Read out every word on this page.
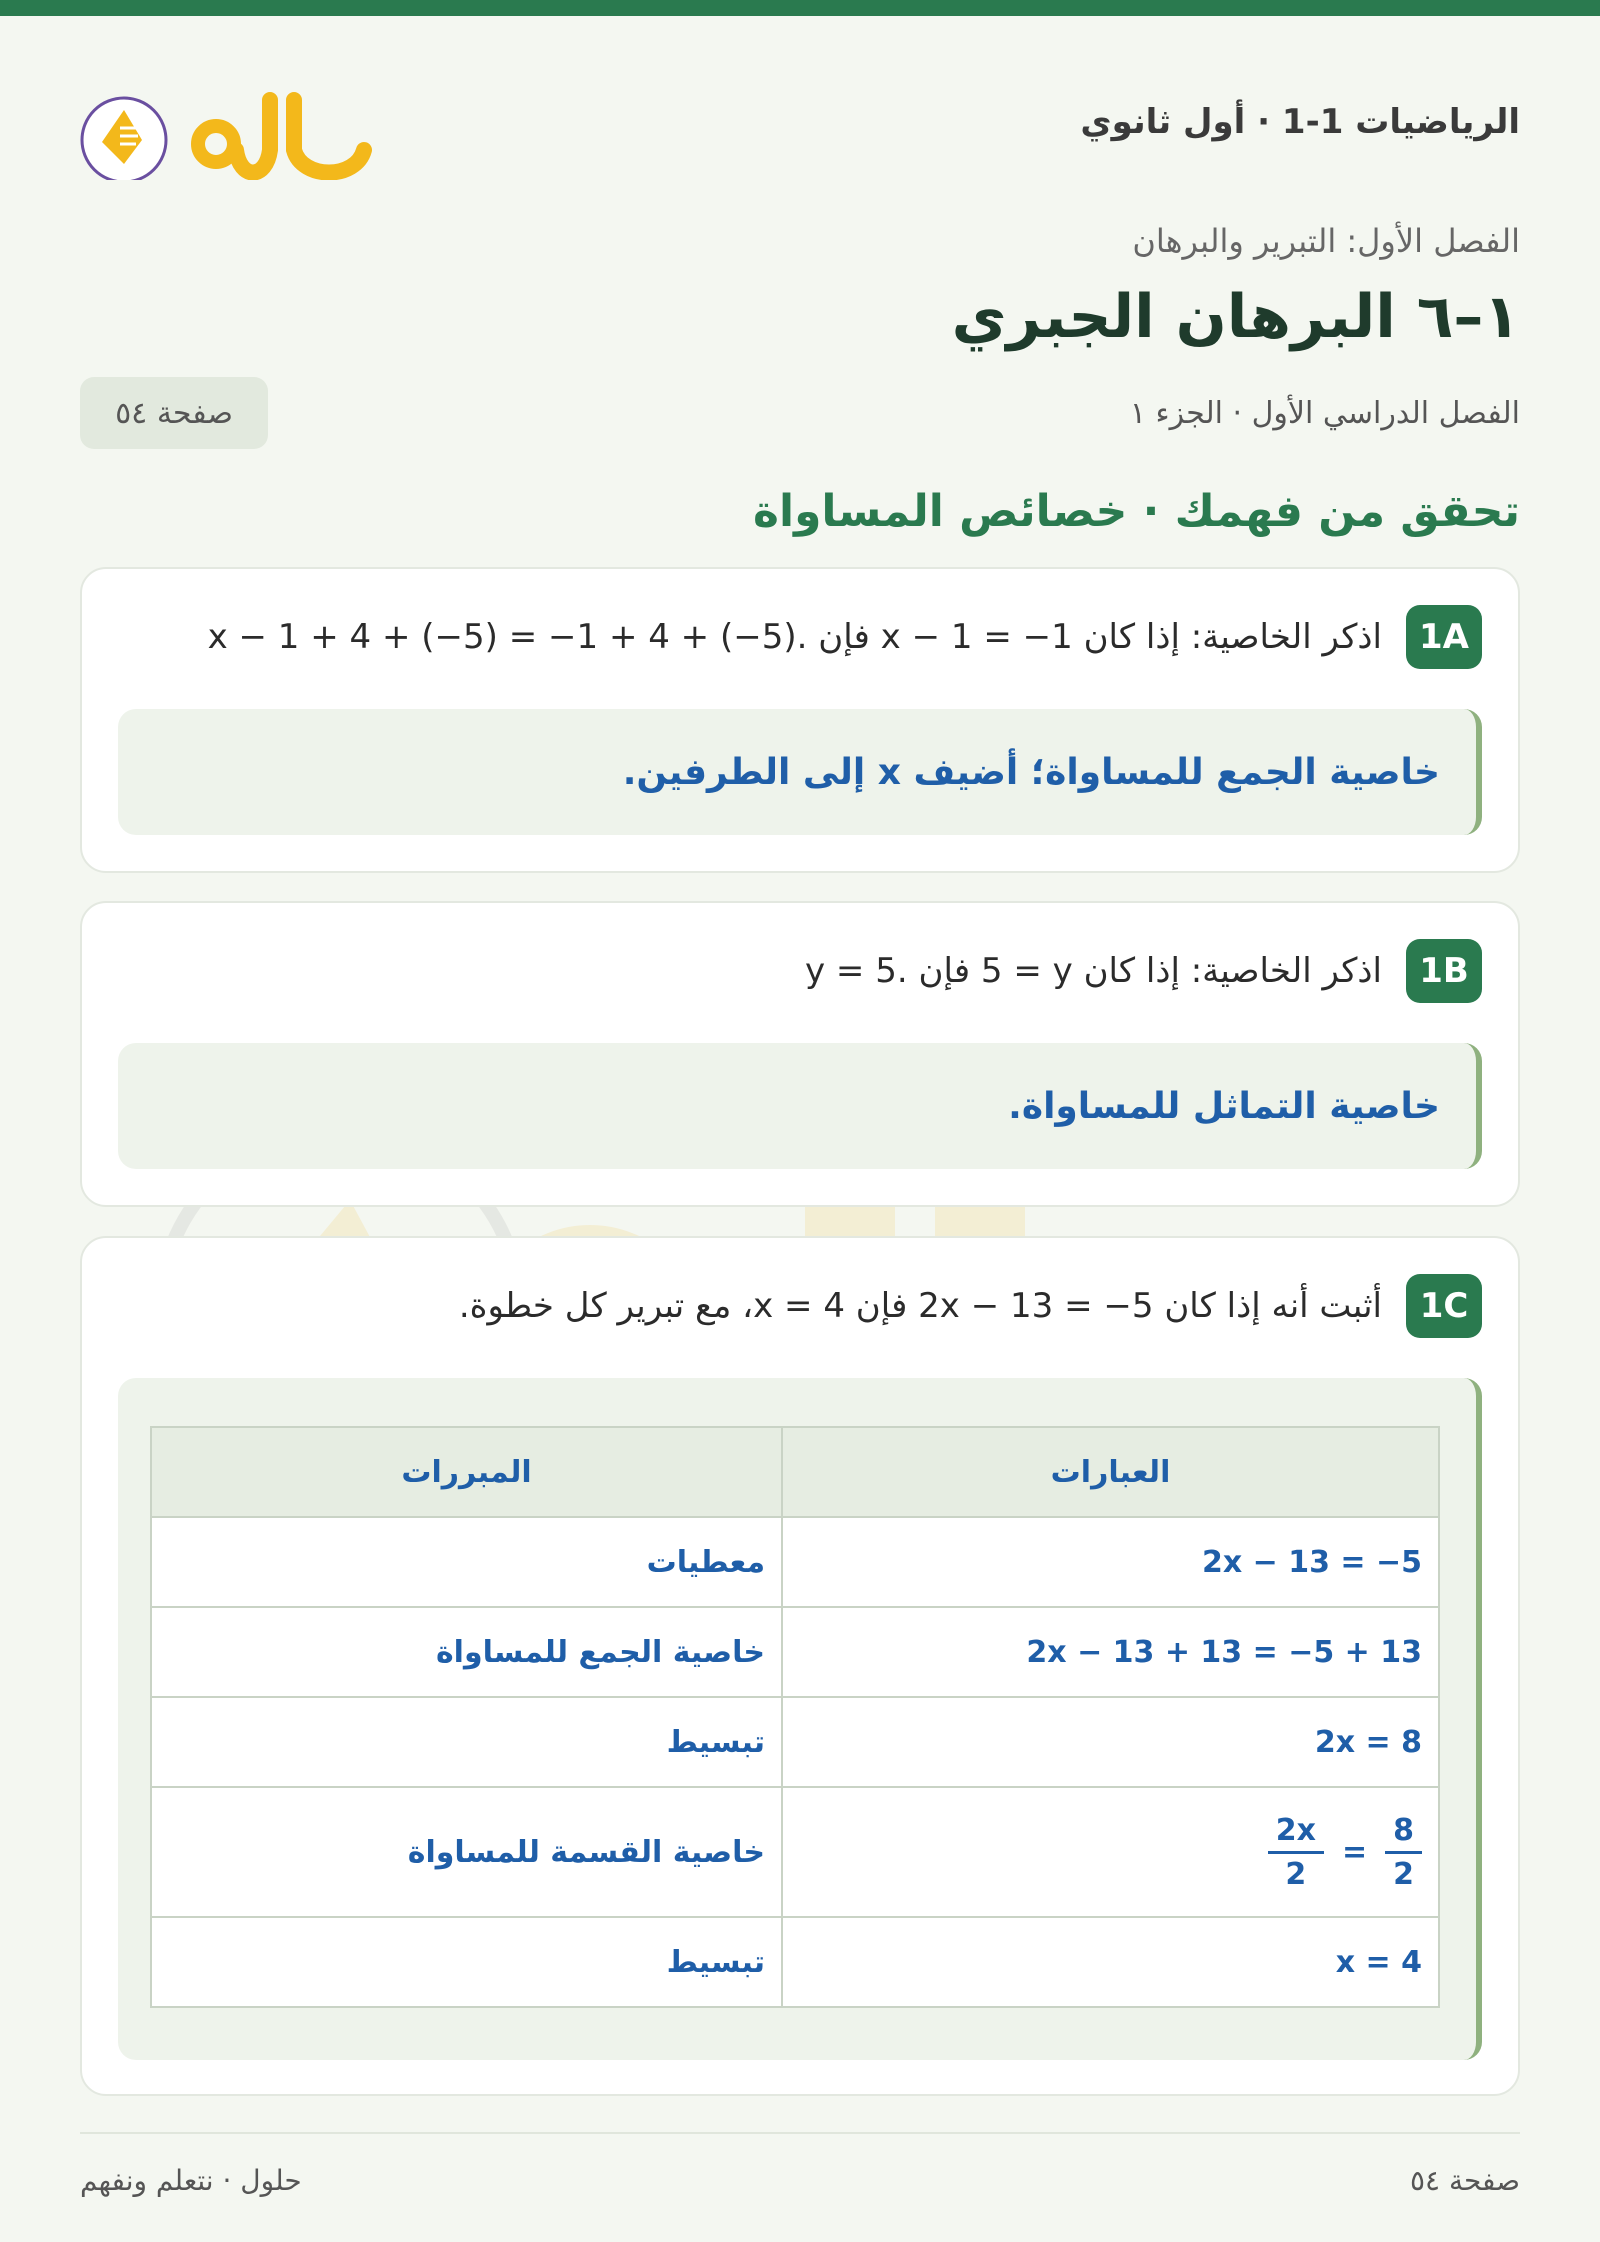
الرياضيات 1-1 · أول ثانوي
الفصل الأول: التبرير والبرهان
١–٦ البرهان الجبري
الفصل الدراسي الأول · الجزء ١
صفحة ٥٤
تحقق من فهمك · خصائص المساواة
1A
اذكر الخاصية: إذا كان x − 1 = −1 فإن x − 1 + 4 + (−5) = −1 + 4 + (−5).
خاصية الجمع للمساواة؛ أضيف x إلى الطرفين.
1B
اذكر الخاصية: إذا كان 5 = y فإن y = 5.
خاصية التماثل للمساواة.
1C
أثبت أنه إذا كان 2x − 13 = −5 فإن x = 4، مع تبرير كل خطوة.
العبارات	المبررات
2x − 13 = −5	معطيات
2x − 13 + 13 = −5 + 13	خاصية الجمع للمساواة
2x = 8	تبسيط

$\frac{2x}{2} = \frac{8}{2}$	خاصية القسمة للمساواة
x = 4	تبسيط
صفحة ٥٤
حلول · نتعلم ونفهم
